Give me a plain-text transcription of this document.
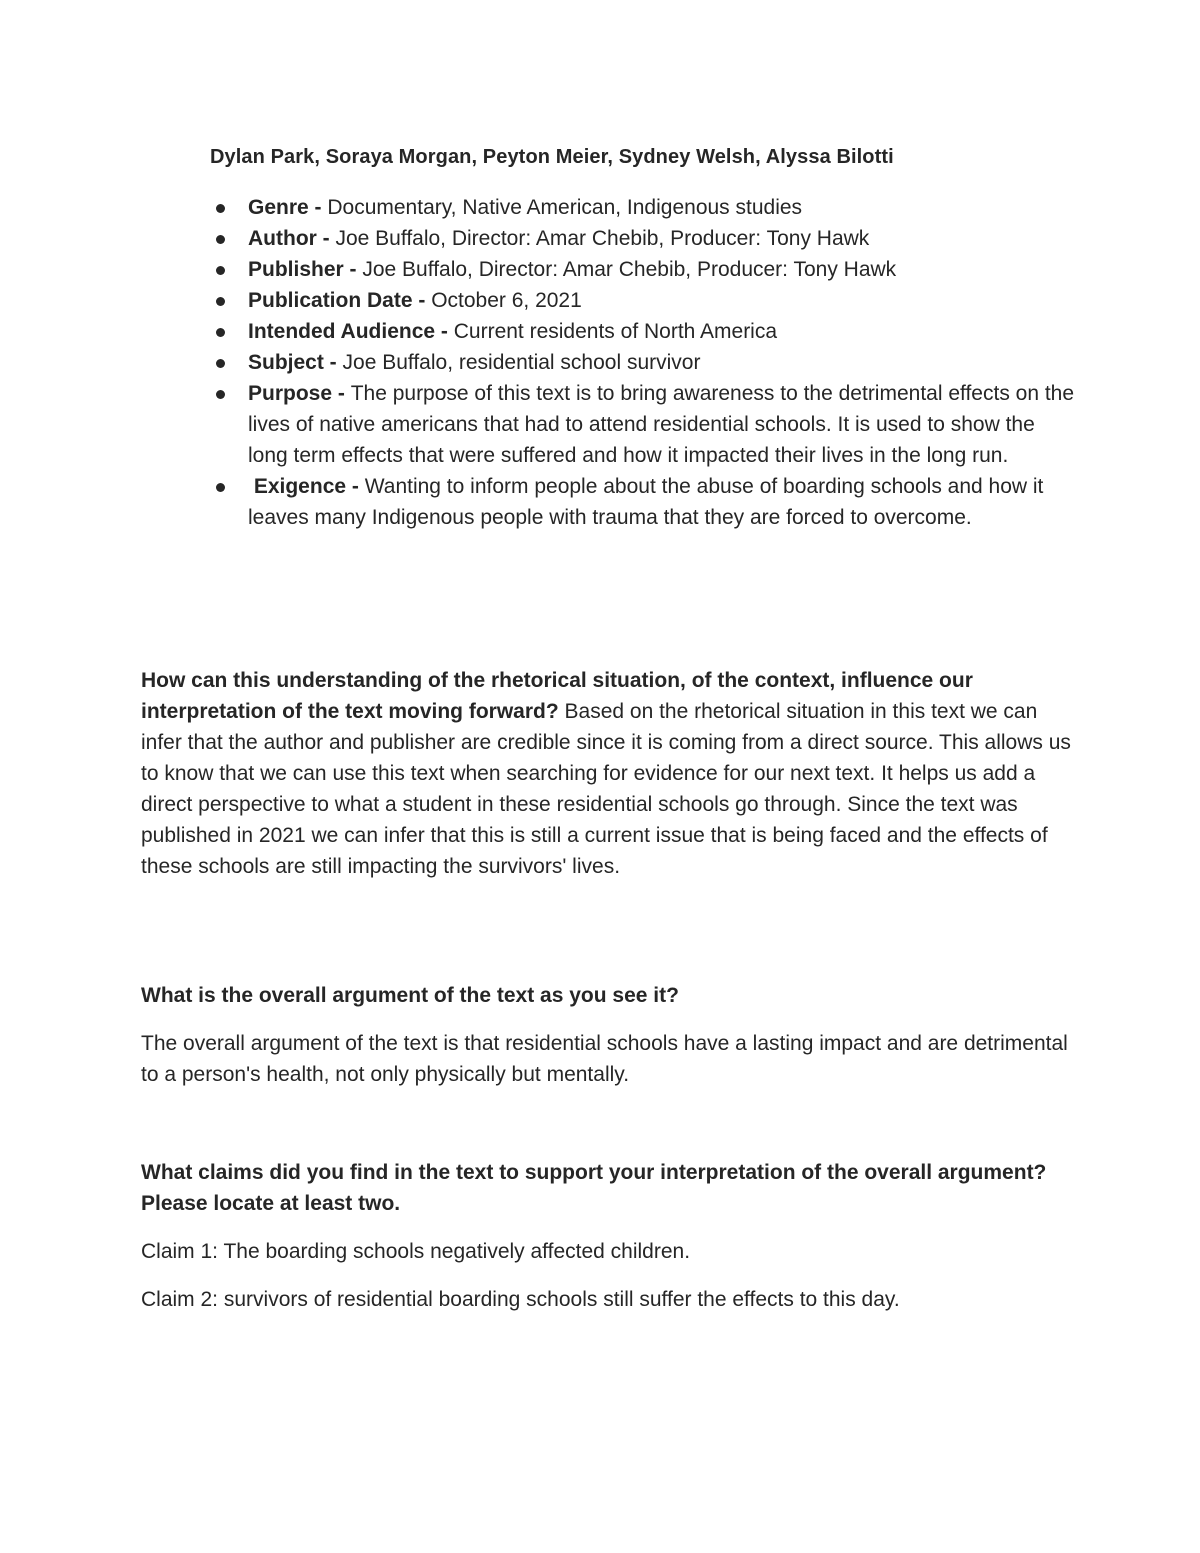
Dylan Park, Soraya Morgan, Peyton Meier, Sydney Welsh, Alyssa Bilotti
Genre - Documentary, Native American, Indigenous studies
Author - Joe Buffalo, Director: Amar Chebib, Producer: Tony Hawk
Publisher - Joe Buffalo, Director: Amar Chebib, Producer: Tony Hawk
Publication Date - October 6, 2021
Intended Audience - Current residents of North America
Subject - Joe Buffalo, residential school survivor
Purpose - The purpose of this text is to bring awareness to the detrimental effects on the lives of native americans that had to attend residential schools. It is used to show the long term effects that were suffered and how it impacted their lives in the long run.
Exigence - Wanting to inform people about the abuse of boarding schools and how it leaves many Indigenous people with trauma that they are forced to overcome.

How can this understanding of the rhetorical situation, of the context, influence our interpretation of the text moving forward? Based on the rhetorical situation in this text we can infer that the author and publisher are credible since it is coming from a direct source. This allows us to know that we can use this text when searching for evidence for our next text. It helps us add a direct perspective to what a student in these residential schools go through. Since the text was published in 2021 we can infer that this is still a current issue that is being faced and the effects of these schools are still impacting the survivors' lives.

What is the overall argument of the text as you see it?

The overall argument of the text is that residential schools have a lasting impact and are detrimental to a person's health, not only physically but mentally.

What claims did you find in the text to support your interpretation of the overall argument? Please locate at least two.

Claim 1: The boarding schools negatively affected children.

Claim 2: survivors of residential boarding schools still suffer the effects to this day.
